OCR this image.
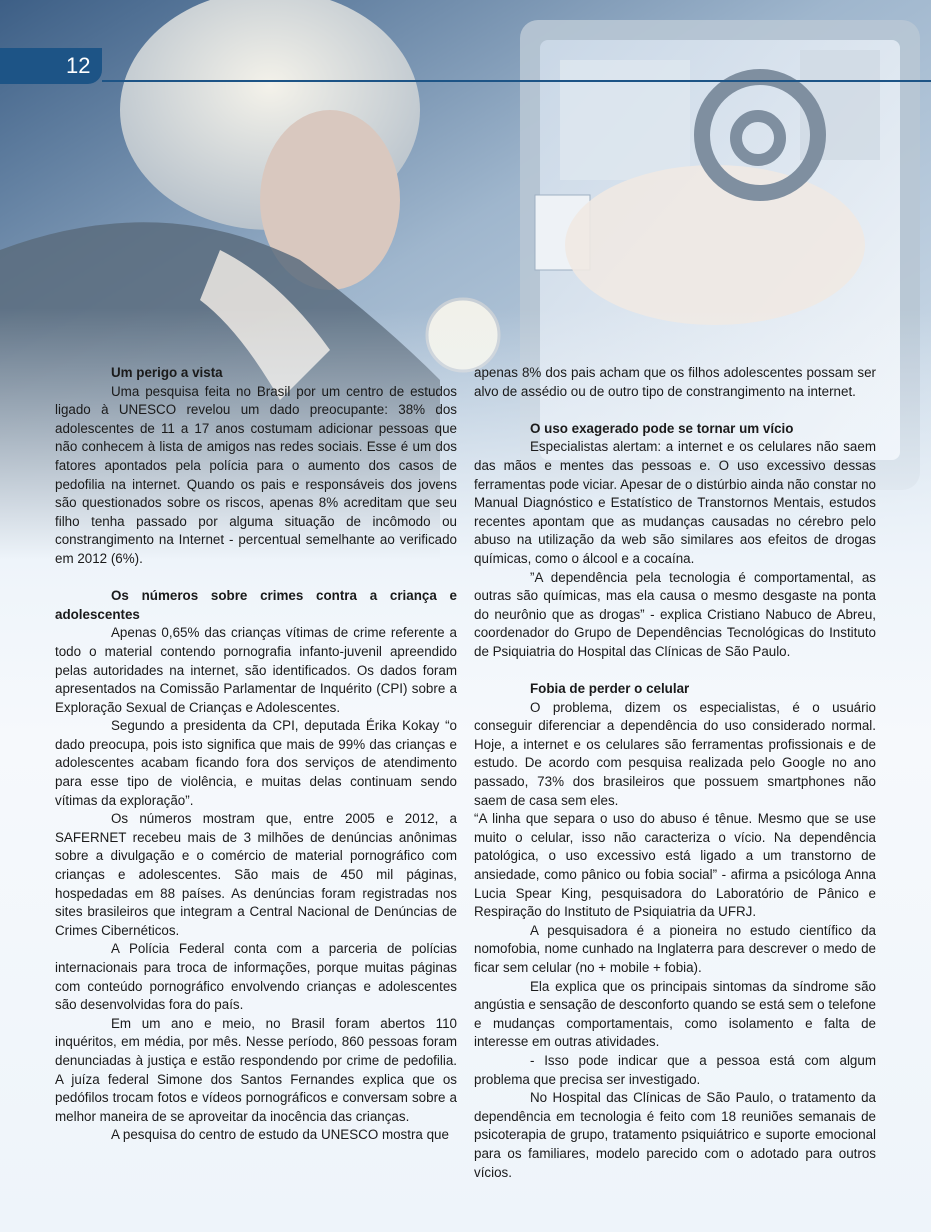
12
Um perigo a vista

Uma pesquisa feita no Brasil por um centro de estudos ligado à UNESCO revelou um dado preocupante: 38% dos adolescentes de 11 a 17 anos costumam adicionar pessoas que não conhecem à lista de amigos nas redes sociais. Esse é um dos fatores apontados pela polícia para o aumento dos casos de pedofilia na internet. Quando os pais e responsáveis dos jovens são questionados sobre os riscos, apenas 8% acreditam que seu filho tenha passado por alguma situação de incômodo ou constrangimento na Internet - percentual semelhante ao verificado em 2012 (6%).

Os números sobre crimes contra a criança e adolescentes

Apenas 0,65% das crianças vítimas de crime referente a todo o material contendo pornografia infanto-juvenil apreendido pelas autoridades na internet, são identificados. Os dados foram apresentados na Comissão Parlamentar de Inquérito (CPI) sobre a Exploração Sexual de Crianças e Adolescentes.

Segundo a presidenta da CPI, deputada Érika Kokay “o dado preocupa, pois isto significa que mais de 99% das crianças e adolescentes acabam ficando fora dos serviços de atendimento para esse tipo de violência, e muitas delas continuam sendo vítimas da exploração”.

Os números mostram que, entre 2005 e 2012, a SAFERNET recebeu mais de 3 milhões de denúncias anônimas sobre a divulgação e o comércio de material pornográfico com crianças e adolescentes. São mais de 450 mil páginas, hospedadas em 88 países. As denúncias foram registradas nos sites brasileiros que integram a Central Nacional de Denúncias de Crimes Cibernéticos.

A Polícia Federal conta com a parceria de polícias internacionais para troca de informações, porque muitas páginas com conteúdo pornográfico envolvendo crianças e adolescentes são desenvolvidas fora do país.

Em um ano e meio, no Brasil foram abertos 110 inquéritos, em média, por mês. Nesse período, 860 pessoas foram denunciadas à justiça e estão respondendo por crime de pedofilia. A juíza federal Simone dos Santos Fernandes explica que os pedófilos trocam fotos e vídeos pornográficos e conversam sobre a melhor maneira de se aproveitar da inocência das crianças.

A pesquisa do centro de estudo da UNESCO mostra que

apenas 8% dos pais acham que os filhos adolescentes possam ser alvo de assédio ou de outro tipo de constrangimento na internet.

O uso exagerado pode se tornar um vício

Especialistas alertam: a internet e os celulares não saem das mãos e mentes das pessoas e. O uso excessivo dessas ferramentas pode viciar. Apesar de o distúrbio ainda não constar no Manual Diagnóstico e Estatístico de Transtornos Mentais, estudos recentes apontam que as mudanças causadas no cérebro pelo abuso na utilização da web são similares aos efeitos de drogas químicas, como o álcool e a cocaína.

”A dependência pela tecnologia é comportamental, as outras são químicas, mas ela causa o mesmo desgaste na ponta do neurônio que as drogas” - explica Cristiano Nabuco de Abreu, coordenador do Grupo de Dependências Tecnológicas do Instituto de Psiquiatria do Hospital das Clínicas de São Paulo.

Fobia de perder o celular

O problema, dizem os especialistas, é o usuário conseguir diferenciar a dependência do uso considerado normal. Hoje, a internet e os celulares são ferramentas profissionais e de estudo. De acordo com pesquisa realizada pelo Google no ano passado, 73% dos brasileiros que possuem smartphones não saem de casa sem eles.

“A linha que separa o uso do abuso é tênue. Mesmo que se use muito o celular, isso não caracteriza o vício. Na dependência patológica, o uso excessivo está ligado a um transtorno de ansiedade, como pânico ou fobia social” - afirma a psicóloga Anna Lucia Spear King, pesquisadora do Laboratório de Pânico e Respiração do Instituto de Psiquiatria da UFRJ.

A pesquisadora é a pioneira no estudo científico da nomofobia, nome cunhado na Inglaterra para descrever o medo de ficar sem celular (no + mobile + fobia).

Ela explica que os principais sintomas da síndrome são angústia e sensação de desconforto quando se está sem o telefone e mudanças comportamentais, como isolamento e falta de interesse em outras atividades.

- Isso pode indicar que a pessoa está com algum problema que precisa ser investigado.

No Hospital das Clínicas de São Paulo, o tratamento da dependência em tecnologia é feito com 18 reuniões semanais de psicoterapia de grupo, tratamento psiquiátrico e suporte emocional para os familiares, modelo parecido com o adotado para outros vícios.
